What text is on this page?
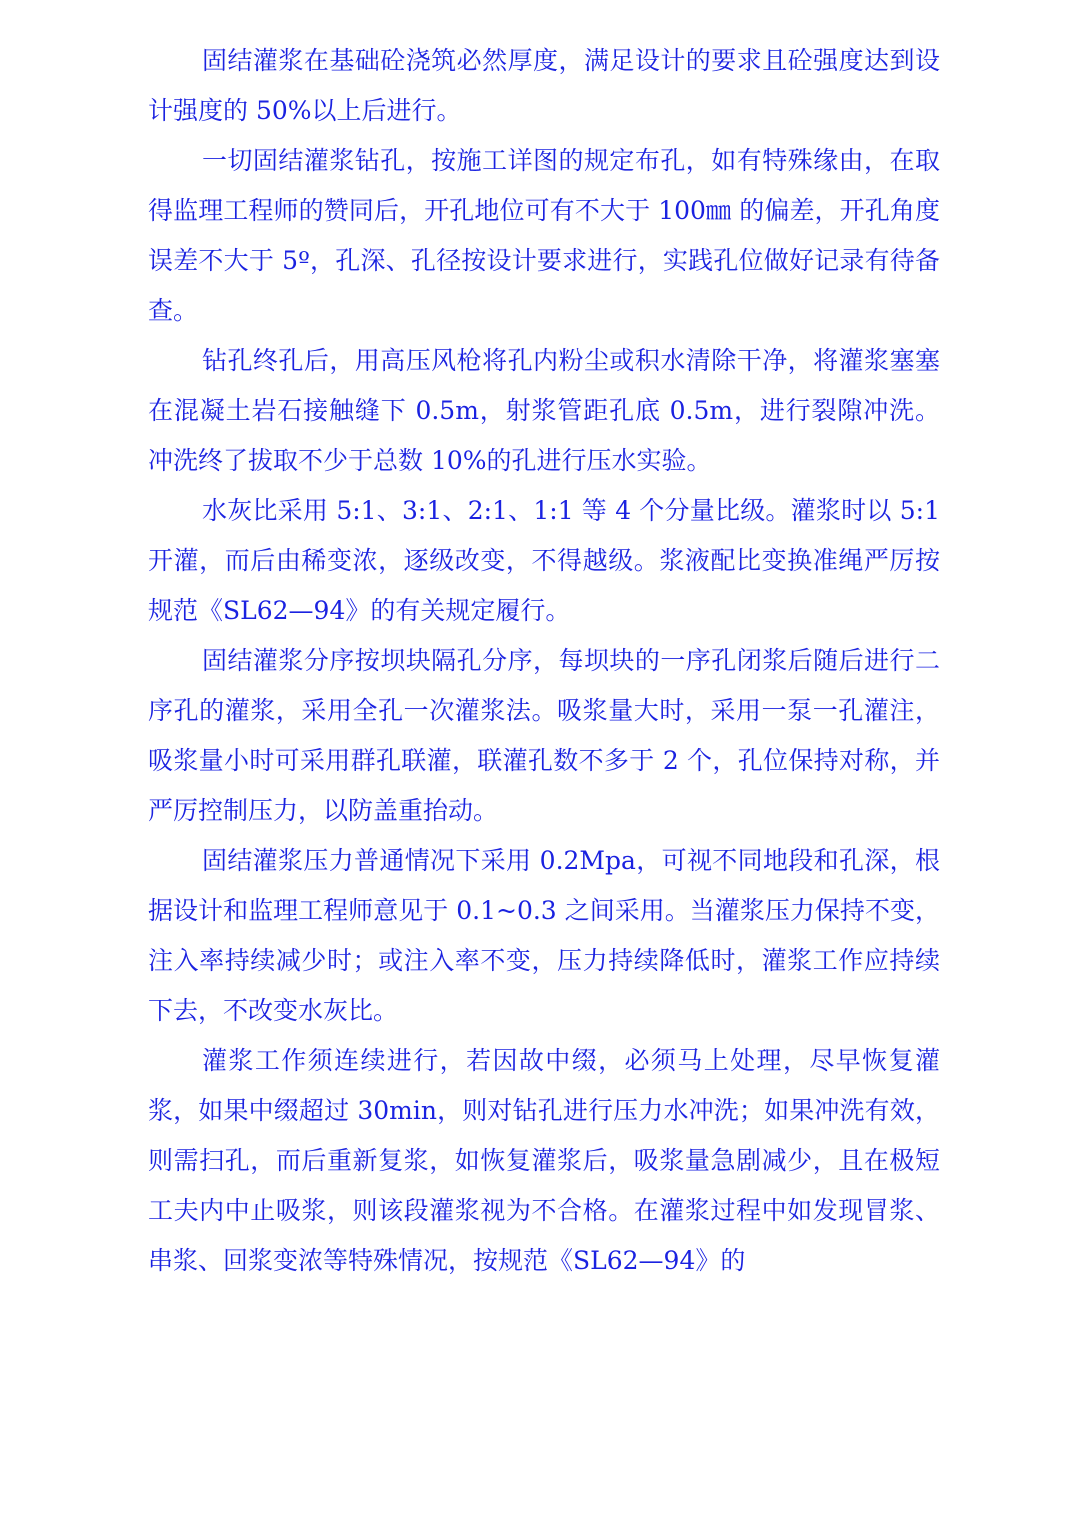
固结灌浆在基础砼浇筑必然厚度，满足设计的要求且砼强度达到设计强度的 50%以上后进行。

一切固结灌浆钻孔，按施工详图的规定布孔，如有特殊缘由，在取得监理工程师的赞同后，开孔地位可有不大于 100㎜ 的偏差，开孔角度误差不大于 5º，孔深、孔径按设计要求进行，实践孔位做好记录有待备查。

钻孔终孔后，用高压风枪将孔内粉尘或积水清除干净，将灌浆塞塞在混凝土岩石接触缝下 0.5m，射浆管距孔底 0.5m，进行裂隙冲洗。冲洗终了拔取不少于总数 10%的孔进行压水实验。

水灰比采用 5:1、3:1、2:1、1:1 等 4 个分量比级。灌浆时以 5:1 开灌，而后由稀变浓，逐级改变，不得越级。浆液配比变换准绳严厉按规范《SL62—94》的有关规定履行。

固结灌浆分序按坝块隔孔分序，每坝块的一序孔闭浆后随后进行二序孔的灌浆，采用全孔一次灌浆法。吸浆量大时，采用一泵一孔灌注，吸浆量小时可采用群孔联灌，联灌孔数不多于 2 个，孔位保持对称，并严厉控制压力，以防盖重抬动。

固结灌浆压力普通情况下采用 0.2Mpa，可视不同地段和孔深，根据设计和监理工程师意见于 0.1~0.3 之间采用。当灌浆压力保持不变，注入率持续减少时；或注入率不变，压力持续降低时，灌浆工作应持续下去，不改变水灰比。

灌浆工作须连续进行，若因故中缀，必须马上处理，尽早恢复灌浆，如果中缀超过 30min，则对钻孔进行压力水冲洗；如果冲洗有效，则需扫孔，而后重新复浆，如恢复灌浆后，吸浆量急剧减少，且在极短工夫内中止吸浆，则该段灌浆视为不合格。在灌浆过程中如发现冒浆、串浆、回浆变浓等特殊情况，按规范《SL62—94》的
